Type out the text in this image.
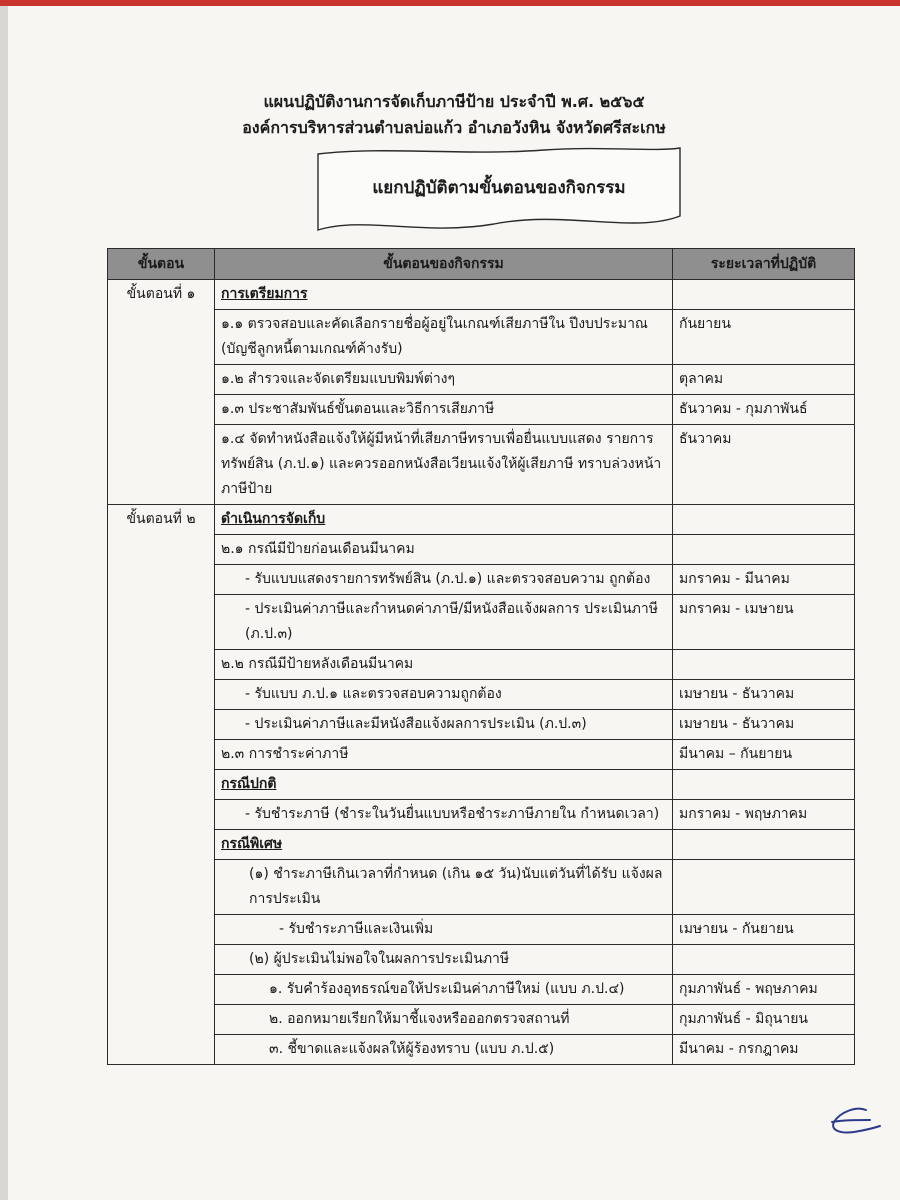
แผนปฏิบัติงานการจัดเก็บภาษีป้าย ประจำปี พ.ศ. ๒๕๖๕
องค์การบริหารส่วนตำบลบ่อแก้ว อำเภอวังหิน จังหวัดศรีสะเกษ
แยกปฏิบัติตามขั้นตอนของกิจกรรม
ขั้นตอน	ขั้นตอนของกิจกรรม	ระยะเวลาที่ปฏิบัติ
ขั้นตอนที่ ๑	การเตรียมการ	
	๑.๑ ตรวจสอบและคัดเลือกรายชื่อผู้อยู่ในเกณฑ์เสียภาษีใน ปีงบประมาณ (บัญชีลูกหนี้ตามเกณฑ์ค้างรับ)	กันยายน
	๑.๒ สำรวจและจัดเตรียมแบบพิมพ์ต่างๆ	ตุลาคม
	๑.๓ ประชาสัมพันธ์ขั้นตอนและวิธีการเสียภาษี	ธันวาคม - กุมภาพันธ์
	๑.๔ จัดทำหนังสือแจ้งให้ผู้มีหน้าที่เสียภาษีทราบเพื่อยื่นแบบแสดง รายการทรัพย์สิน (ภ.ป.๑) และควรออกหนังสือเวียนแจ้งให้ผู้เสียภาษี ทราบล่วงหน้าภาษีป้าย	ธันวาคม
ขั้นตอนที่ ๒	ดำเนินการจัดเก็บ	
	๒.๑ กรณีมีป้ายก่อนเดือนมีนาคม	
	- รับแบบแสดงรายการทรัพย์สิน (ภ.ป.๑) และตรวจสอบความ ถูกต้อง	มกราคม - มีนาคม
	- ประเมินค่าภาษีและกำหนดค่าภาษี/มีหนังสือแจ้งผลการ ประเมินภาษี (ภ.ป.๓)	มกราคม - เมษายน
	๒.๒ กรณีมีป้ายหลังเดือนมีนาคม	
	- รับแบบ ภ.ป.๑ และตรวจสอบความถูกต้อง	เมษายน - ธันวาคม
	- ประเมินค่าภาษีและมีหนังสือแจ้งผลการประเมิน (ภ.ป.๓)	เมษายน - ธันวาคม
	๒.๓ การชำระค่าภาษี	มีนาคม – กันยายน
	กรณีปกติ	
	- รับชำระภาษี (ชำระในวันยื่นแบบหรือชำระภาษีภายใน กำหนดเวลา)	มกราคม - พฤษภาคม
	กรณีพิเศษ	
	(๑) ชำระภาษีเกินเวลาที่กำหนด (เกิน ๑๕ วัน)นับแต่วันที่ได้รับ แจ้งผลการประเมิน	
	- รับชำระภาษีและเงินเพิ่ม	เมษายน - กันยายน
	(๒) ผู้ประเมินไม่พอใจในผลการประเมินภาษี	
	๑. รับคำร้องอุทธรณ์ขอให้ประเมินค่าภาษีใหม่ (แบบ ภ.ป.๔)	กุมภาพันธ์ - พฤษภาคม
	๒. ออกหมายเรียกให้มาชี้แจงหรือออกตรวจสถานที่	กุมภาพันธ์ - มิถุนายน
	๓. ชี้ขาดและแจ้งผลให้ผู้ร้องทราบ (แบบ ภ.ป.๕)	มีนาคม - กรกฎาคม
